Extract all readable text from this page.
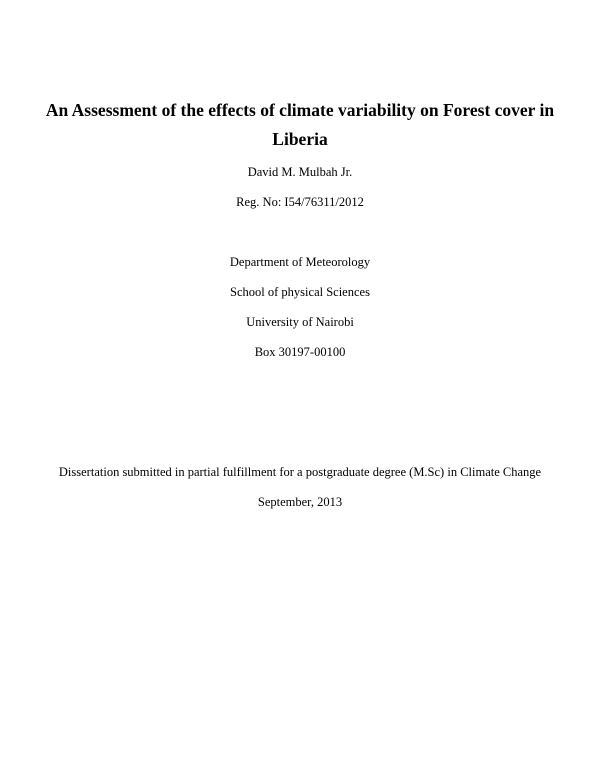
An Assessment of the effects of climate variability on Forest cover in
Liberia
David M. Mulbah Jr.
Reg. No: I54/76311/2012
Department of Meteorology
School of physical Sciences
University of Nairobi
Box 30197-00100
Dissertation submitted in partial fulfillment for a postgraduate degree (M.Sc) in Climate Change
September, 2013
